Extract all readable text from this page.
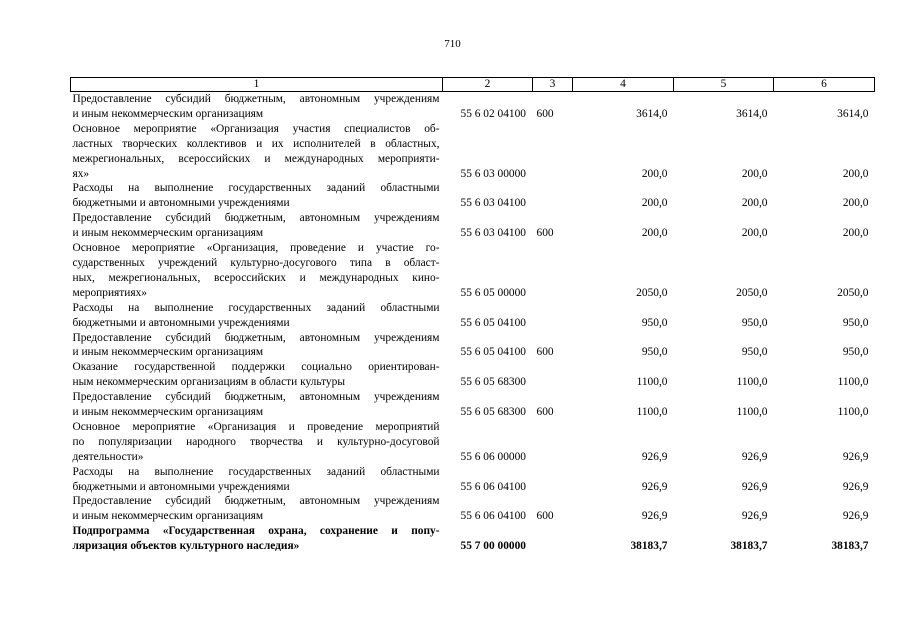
710
1	2	3	4	5	6

Предоставление субсидий бюджетным, автономным учреждениям
и иным некоммерческим организациям	55 6 02 04100	600	3614,0	3614,0	3614,0

Основное мероприятие «Организация участия специалистов об-
ластных творческих коллективов и их исполнителей в областных,
межрегиональных, всероссийских и международных мероприяти-
ях»	55 6 03 00000		200,0	200,0	200,0

Расходы на выполнение государственных заданий областными
бюджетными и автономными учреждениями	55 6 03 04100		200,0	200,0	200,0

Предоставление субсидий бюджетным, автономным учреждениям
и иным некоммерческим организациям	55 6 03 04100	600	200,0	200,0	200,0

Основное мероприятие «Организация, проведение и участие го-
сударственных учреждений культурно-досугового типа в област-
ных, межрегиональных, всероссийских и международных кино-
мероприятиях»	55 6 05 00000		2050,0	2050,0	2050,0

Расходы на выполнение государственных заданий областными
бюджетными и автономными учреждениями	55 6 05 04100		950,0	950,0	950,0

Предоставление субсидий бюджетным, автономным учреждениям
и иным некоммерческим организациям	55 6 05 04100	600	950,0	950,0	950,0

Оказание государственной поддержки социально ориентирован-
ным некоммерческим организациям в области культуры	55 6 05 68300		1100,0	1100,0	1100,0

Предоставление субсидий бюджетным, автономным учреждениям
и иным некоммерческим организациям	55 6 05 68300	600	1100,0	1100,0	1100,0

Основное мероприятие «Организация и проведение мероприятий
по популяризации народного творчества и культурно-досуговой
деятельности»	55 6 06 00000		926,9	926,9	926,9

Расходы на выполнение государственных заданий областными
бюджетными и автономными учреждениями	55 6 06 04100		926,9	926,9	926,9

Предоставление субсидий бюджетным, автономным учреждениям
и иным некоммерческим организациям	55 6 06 04100	600	926,9	926,9	926,9

Подпрограмма «Государственная охрана, сохранение и попу-
ляризация объектов культурного наследия»	55 7 00 00000		38183,7	38183,7	38183,7
